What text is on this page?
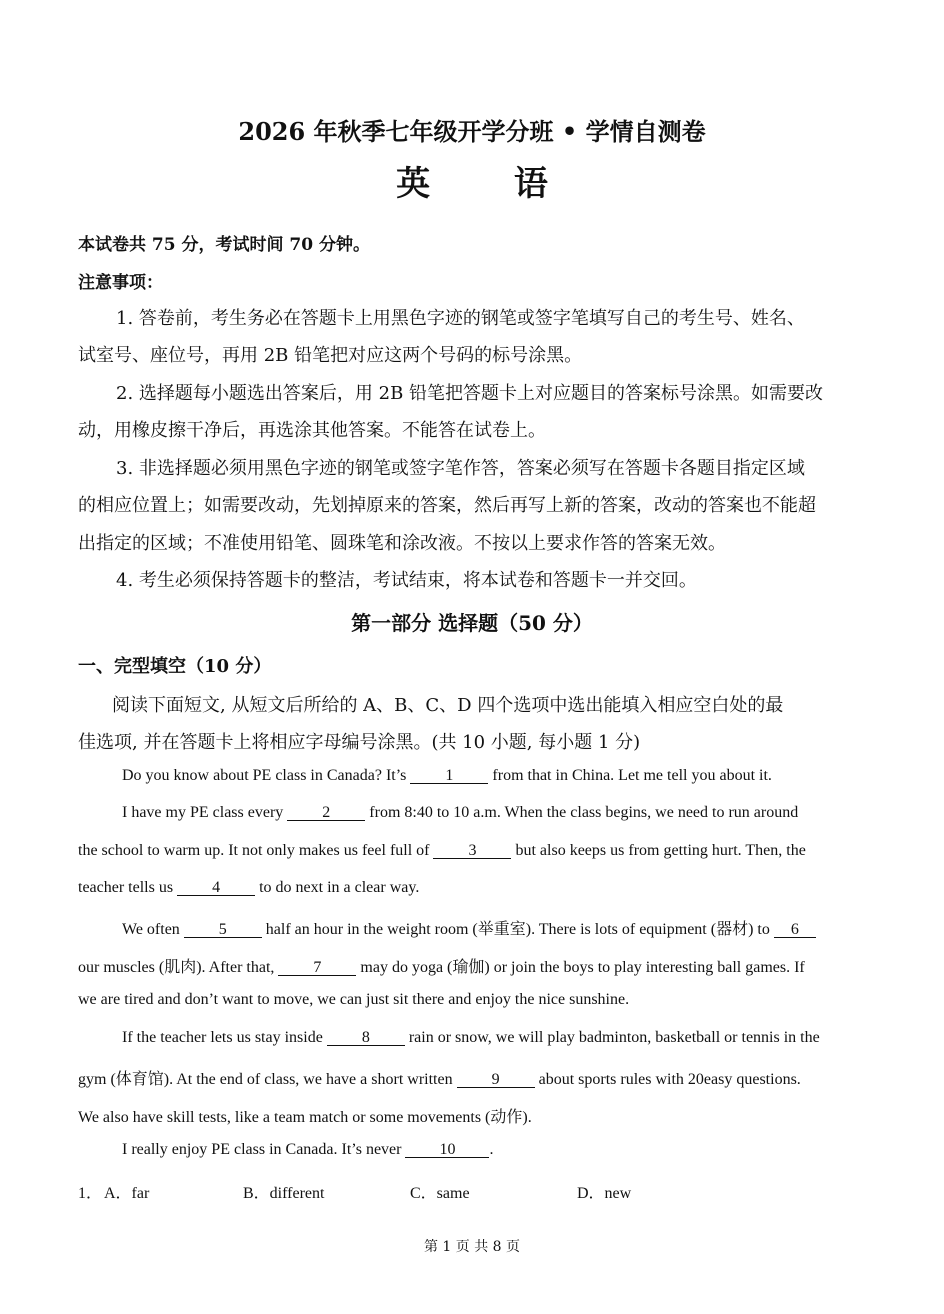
2026 年秋季七年级开学分班 • 学情自测卷
英 语
本试卷共 75 分，考试时间 70 分钟。
注意事项：
1. 答卷前，考生务必在答题卡上用黑色字迹的钢笔或签字笔填写自己的考生号、姓名、
试室号、座位号，再用 2B 铅笔把对应这两个号码的标号涂黑。
2. 选择题每小题选出答案后，用 2B 铅笔把答题卡上对应题目的答案标号涂黑。如需要改
动，用橡皮擦干净后，再选涂其他答案。不能答在试卷上。
3. 非选择题必须用黑色字迹的钢笔或签字笔作答，答案必须写在答题卡各题目指定区域
的相应位置上；如需要改动，先划掉原来的答案，然后再写上新的答案，改动的答案也不能超
出指定的区域；不准使用铅笔、圆珠笔和涂改液。不按以上要求作答的答案无效。
4. 考生必须保持答题卡的整洁，考试结束，将本试卷和答题卡一并交回。
第一部分 选择题（50 分）
一、完型填空（10 分）
阅读下面短文, 从短文后所给的 A、B、C、D 四个选项中选出能填入相应空白处的最
佳选项, 并在答题卡上将相应字母编号涂黑。(共 10 小题, 每小题 1 分)
Do you know about PE class in Canada? It’s 1 from that in China. Let me tell you about it.
I have my PE class every 2 from 8:40 to 10 a.m. When the class begins, we need to run around
the school to warm up. It not only makes us feel full of 3 but also keeps us from getting hurt. Then, the
teacher tells us 4 to do next in a clear way.
We often 5 half an hour in the weight room (举重室). There is lots of equipment (器材) to 6
our muscles (肌肉). After that, 7 may do yoga (瑜伽) or join the boys to play interesting ball games. If
we are tired and don’t want to move, we can just sit there and enjoy the nice sunshine.
If the teacher lets us stay inside 8 rain or snow, we will play badminton, basketball or tennis in the
gym (体育馆). At the end of class, we have a short written 9 about sports rules with 20easy questions.
We also have skill tests, like a team match or some movements (动作).
I really enjoy PE class in Canada. It’s never 10 .
1． A．far	B．different	C．same	D．new
第 1 页 共 8 页
